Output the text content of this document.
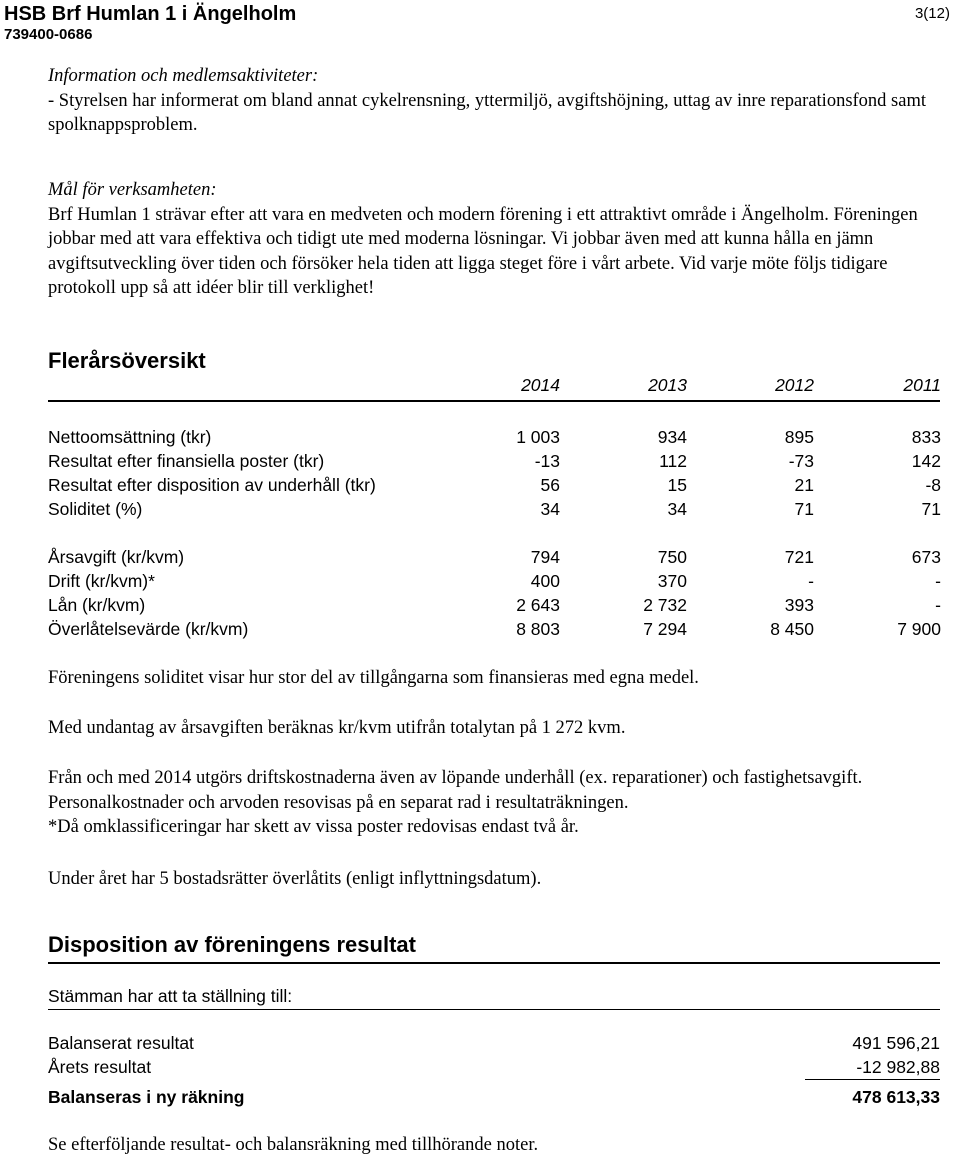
HSB Brf Humlan 1 i Ängelholm
739400-0686
3(12)

Information och medlemsaktiviteter:

- Styrelsen har informerat om bland annat cykelrensning, yttermiljö, avgiftshöjning, uttag av inre reparationsfond samt spolknappsproblem.

Mål för verksamheten:

Brf Humlan 1 strävar efter att vara en medveten och modern förening i ett attraktivt område i Ängelholm. Föreningen jobbar med att vara effektiva och tidigt ute med moderna lösningar. Vi jobbar även med att kunna hålla en jämn avgiftsutveckling över tiden och försöker hela tiden att ligga steget före i vårt arbete. Vid varje möte följs tidigare protokoll upp så att idéer blir till verklighet!

Flerårsöversikt
2014	2013	2012	2011
Nettoomsättning (tkr)	1 003	934	895	833
Resultat efter finansiella poster (tkr)	-13	112	-73	142
Resultat efter disposition av underhåll (tkr)	56	15	21	-8
Soliditet (%)	34	34	71	71
Årsavgift (kr/kvm)	794	750	721	673
Drift (kr/kvm)*	400	370	-	-
Lån (kr/kvm)	2 643	2 732	393	-
Överlåtelsevärde (kr/kvm)	8 803	7 294	8 450	7 900
Föreningens soliditet visar hur stor del av tillgångarna som finansieras med egna medel.
Med undantag av årsavgiften beräknas kr/kvm utifrån totalytan på 1 272 kvm.
Från och med 2014 utgörs driftskostnaderna även av löpande underhåll (ex. reparationer) och fastighetsavgift. Personalkostnader och arvoden resovisas på en separat rad i resultaträkningen.
*Då omklassificeringar har skett av vissa poster redovisas endast två år.
Under året har 5 bostadsrätter överlåtits (enligt inflyttningsdatum).
Disposition av föreningens resultat
Stämman har att ta ställning till:
Balanserat resultat	491 596,21
Årets resultat	-12 982,88
Balanseras i ny räkning	478 613,33
Se efterföljande resultat- och balansräkning med tillhörande noter.
